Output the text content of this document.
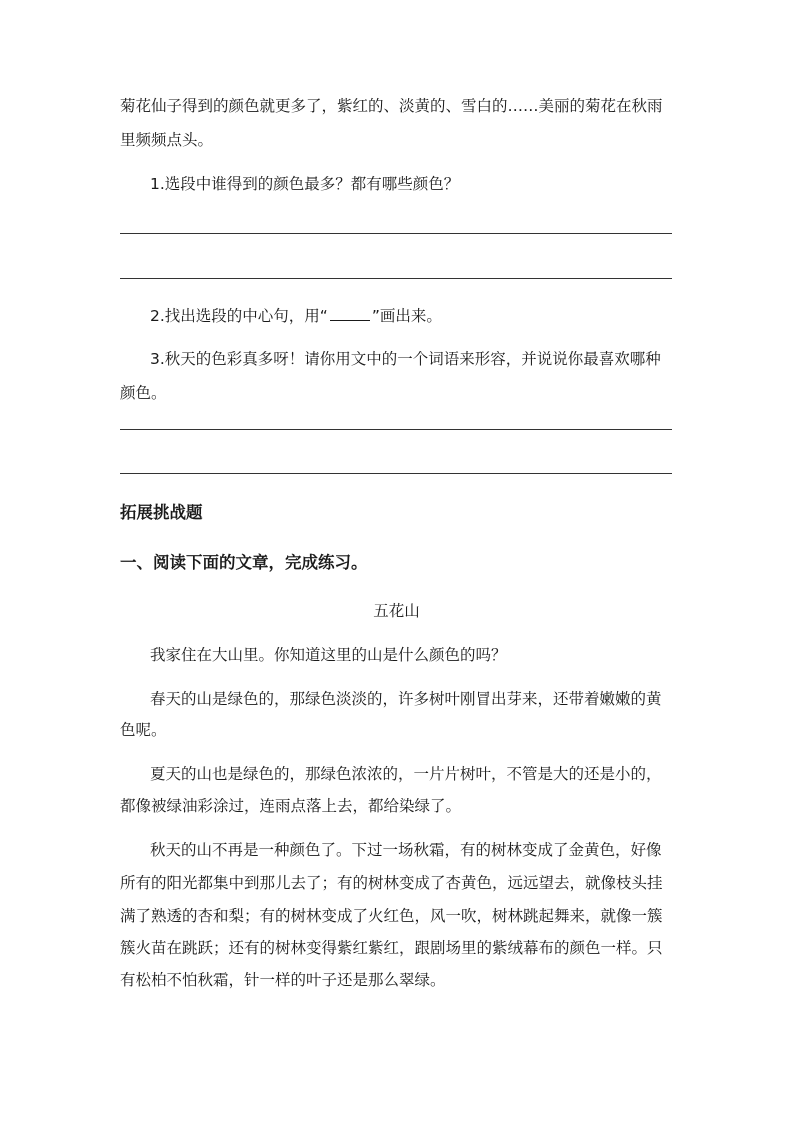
菊花仙子得到的颜色就更多了，紫红的、淡黄的、雪白的……美丽的菊花在秋雨
里频频点头。
1.选段中谁得到的颜色最多？都有哪些颜色？
2.找出选段的中心句，用“	”画出来。
3.秋天的色彩真多呀！请你用文中的一个词语来形容，并说说你最喜欢哪种
颜色。
拓展挑战题
一、阅读下面的文章，完成练习。
五花山
我家住在大山里。你知道这里的山是什么颜色的吗？
春天的山是绿色的，那绿色淡淡的，许多树叶刚冒出芽来，还带着嫩嫩的黄
色呢。
夏天的山也是绿色的，那绿色浓浓的，一片片树叶，不管是大的还是小的，
都像被绿油彩涂过，连雨点落上去，都给染绿了。
秋天的山不再是一种颜色了。下过一场秋霜，有的树林变成了金黄色，好像
所有的阳光都集中到那儿去了；有的树林变成了杏黄色，远远望去，就像枝头挂
满了熟透的杏和梨；有的树林变成了火红色，风一吹，树林跳起舞来，就像一簇
簇火苗在跳跃；还有的树林变得紫红紫红，跟剧场里的紫绒幕布的颜色一样。只
有松柏不怕秋霜，针一样的叶子还是那么翠绿。
